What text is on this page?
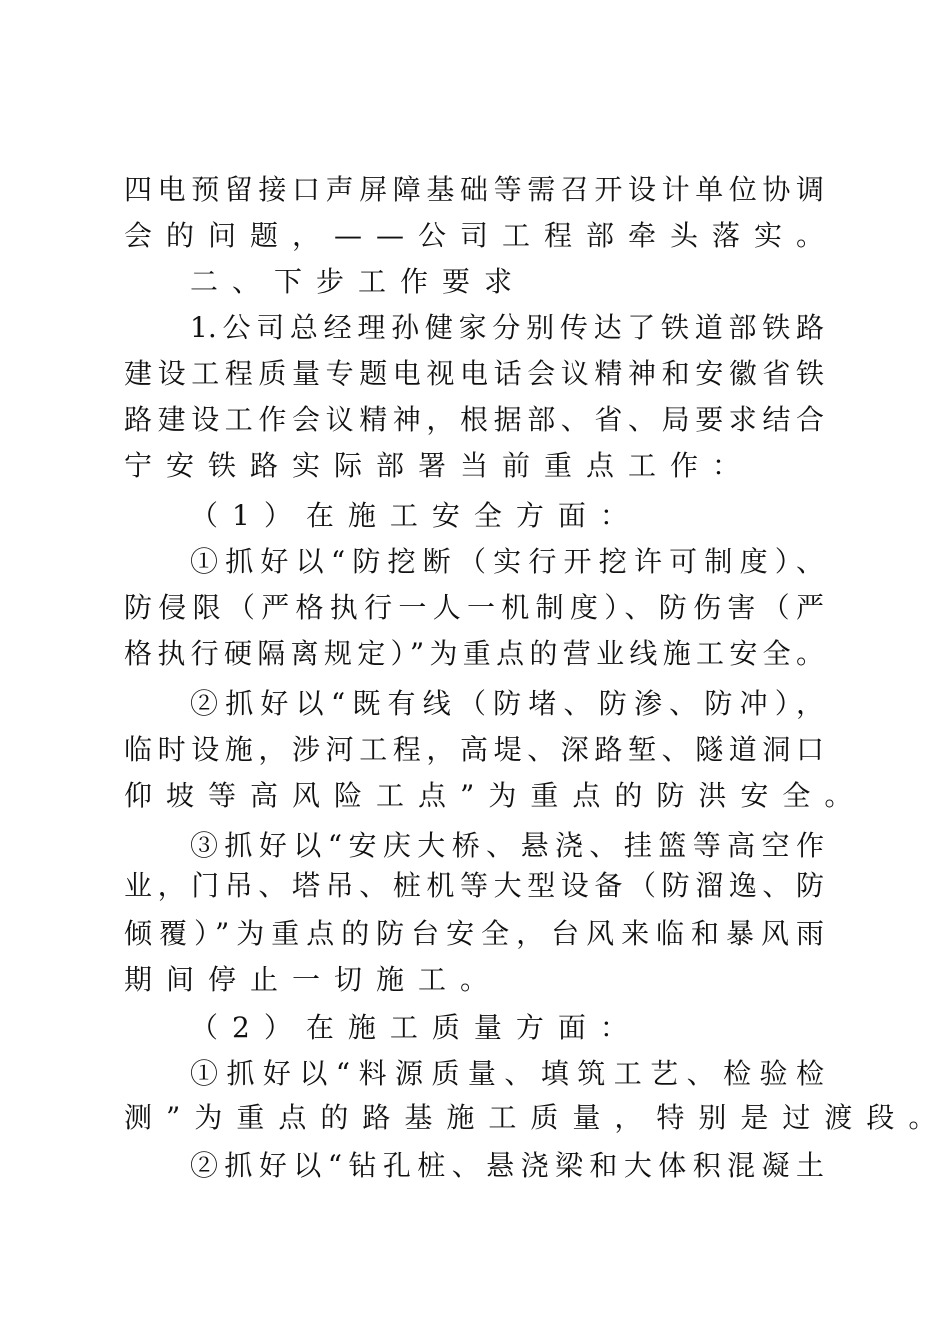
四电预留接口声屏障基础等需召开设计单位协调
会的问题，——公司工程部牵头落实。
二、下步工作要求
1.公司总经理孙健家分别传达了铁道部铁路
建设工程质量专题电视电话会议精神和安徽省铁
路建设工作会议精神，根据部、省、局要求结合
宁安铁路实际部署当前重点工作：
（1）在施工安全方面：
①抓好以“防挖断（实行开挖许可制度）、
防侵限（严格执行一人一机制度）、防伤害（严
格执行硬隔离规定）”为重点的营业线施工安全。
②抓好以“既有线（防堵、防渗、防冲），
临时设施，涉河工程，高堤、深路堑、隧道洞口
仰坡等高风险工点”为重点的防洪安全。
③抓好以“安庆大桥、悬浇、挂篮等高空作
业，门吊、塔吊、桩机等大型设备（防溜逸、防
倾覆）”为重点的防台安全，台风来临和暴风雨
期间停止一切施工。
（2）在施工质量方面：
①抓好以“料源质量、填筑工艺、检验检
测”为重点的路基施工质量，特别是过渡段。
②抓好以“钻孔桩、悬浇梁和大体积混凝土
